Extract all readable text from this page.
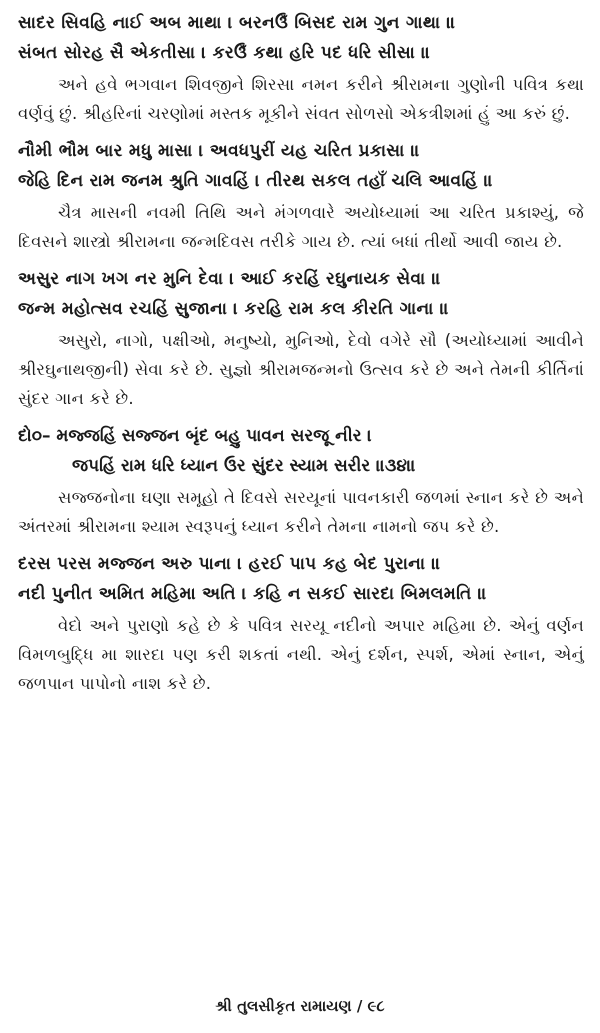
સાદર સિવહિ નાઈ અબ માથા । બરનઉઁ બિસદ રામ ગુન ગાથા ॥
સંબત સોરહ સૈ એકતીસા । કરઉઁ કથા હરિ પદ ધરિ સીસા ॥

અને હવે ભગવાન શિવજીને શિરસા નમન કરીને શ્રીરામના ગુણોની પવિત્ર કથા વર્ણવું છું. શ્રીહરિનાં ચરણોમાં મસ્તક મૂકીને સંવત સોળસો એકત્રીશમાં હું આ કરું છું.

નૌમી ભૌમ બાર મધુ માસા । અવધપુરીં યહ ચરિત પ્રકાસા ॥
જેહિ દિન રામ જનમ શ્રુતિ ગાવહિં । તીરથ સકલ તહાઁ ચલિ આવહિં ॥

ચૈત્ર માસની નવમી તિથિ અને મંગળવારે અયોધ્યામાં આ ચરિત પ્રકાશ્યું, જે દિવસને શાસ્ત્રો શ્રીરામના જન્મદિવસ તરીકે ગાય છે. ત્યાં બધાં તીર્થો આવી જાય છે.

અસુર નાગ ખગ નર મુનિ દેવા । આઈ કરહિં રઘુનાયક સેવા ॥
જન્મ મહોત્સવ રચહિં સુજાના । કરહિ રામ કલ કીરતિ ગાના ॥

અસુરો, નાગો, પક્ષીઓ, મનુષ્યો, મુનિઓ, દેવો વગેરે સૌ (અયોધ્યામાં આવીને શ્રીરઘુનાથજીની) સેવા કરે છે. સુજ્ઞો શ્રીરામજન્મનો ઉત્સવ કરે છે અને તેમની કીર્તિનાં સુંદર ગાન કરે છે.

દો૦– મજ્જહિં સજ્જન બૃંદ બહુ પાવન સરજૂ નીર ।
જપહિં રામ ધરિ ધ્યાન ઉર સુંદર સ્યામ સરીર ॥૩૪॥

સજ્જનોના ઘણા સમૂહો તે દિવસે સરયૂનાં પાવનકારી જળમાં સ્નાન કરે છે અને અંતરમાં શ્રીરામના શ્યામ સ્વરૂપનું ધ્યાન કરીને તેમના નામનો જપ કરે છે.

દરસ પરસ મજ્જન અરુ પાના । હરઈ પાપ કહ બેદ પુરાના ॥
નદી પુનીત અમિત મહિમા અતિ । કહિ ન સકઈ સારદા બિમલમતિ ॥

વેદો અને પુરાણો કહે છે કે પવિત્ર સરયૂ નદીનો અપાર મહિમા છે. એનું વર્ણન વિમળબુદ્ધિ મા શારદા પણ કરી શકતાં નથી. એનું દર્શન, સ્પર્શ, એમાં સ્નાન, એનું જળપાન પાપોનો નાશ કરે છે.

શ્રી તુલસીકૃત રામાયણ / ૯૮
